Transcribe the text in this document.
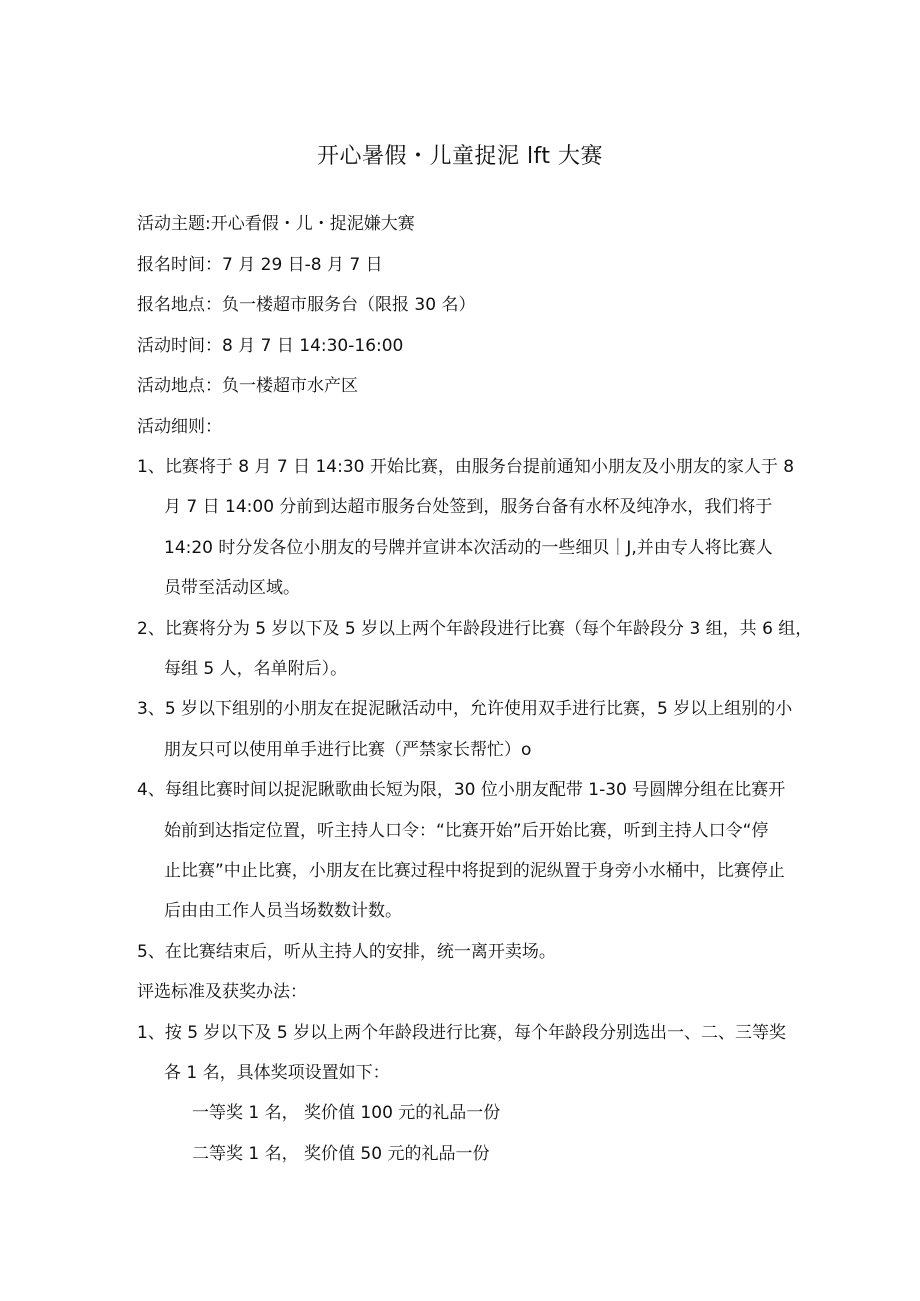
开心暑假・儿童捉泥 lft 大赛
活动主题:开心看假・儿・捉泥嫌大赛
报名时间：7 月 29 日-8 月 7 日
报名地点：负一楼超市服务台（限报 30 名）
活动时间：8 月 7 日 14:30-16:00
活动地点：负一楼超市水产区
活动细则：
1、比赛将于 8 月 7 日 14:30 开始比赛，由服务台提前通知小朋友及小朋友的家人于 8
月 7 日 14:00 分前到达超市服务台处签到，服务台备有水杯及纯净水，我们将于
14:20 时分发各位小朋友的号牌并宣讲本次活动的一些细贝｜J,并由专人将比赛人
员带至活动区域。
2、比赛将分为 5 岁以下及 5 岁以上两个年龄段进行比赛（每个年龄段分 3 组，共 6 组，
每组 5 人，名单附后）。
3、5 岁以下组别的小朋友在捉泥瞅活动中，允许使用双手进行比赛，5 岁以上组别的小
朋友只可以使用单手进行比赛（严禁家长帮忙）o
4、每组比赛时间以捉泥瞅歌曲长短为限，30 位小朋友配带 1-30 号圆牌分组在比赛开
始前到达指定位置，听主持人口令：“比赛开始”后开始比赛，听到主持人口令“停
止比赛”中止比赛，小朋友在比赛过程中将捉到的泥纵置于身旁小水桶中，比赛停止
后由由工作人员当场数数计数。
5、在比赛结束后，听从主持人的安排，统一离开卖场。
评选标准及获奖办法：
1、按 5 岁以下及 5 岁以上两个年龄段进行比赛，每个年龄段分别选出一、二、三等奖
各 1 名，具体奖项设置如下：
一等奖 1 名， 奖价值 100 元的礼品一份
二等奖 1 名， 奖价值 50 元的礼品一份
